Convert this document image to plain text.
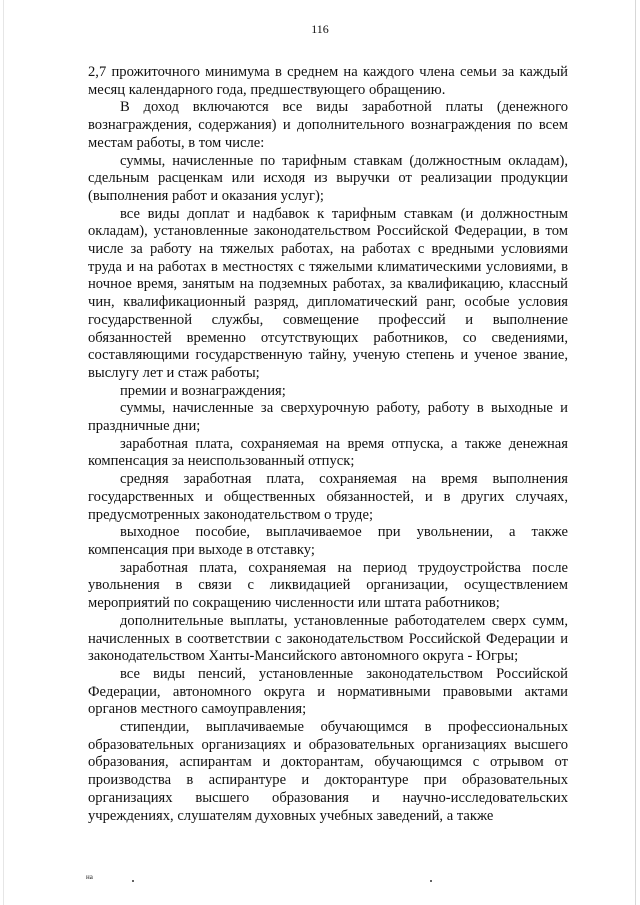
116

2,7 прожиточного минимума в среднем на каждого члена семьи за каждый месяц календарного года, предшествующего обращению.

В доход включаются все виды заработной платы (денежного вознаграждения, содержания) и дополнительного вознаграждения по всем местам работы, в том числе:

суммы, начисленные по тарифным ставкам (должностным окладам), сдельным расценкам или исходя из выручки от реализации продукции (выполнения работ и оказания услуг);

все виды доплат и надбавок к тарифным ставкам (и должностным окладам), установленные законодательством Российской Федерации, в том числе за работу на тяжелых работах, на работах с вредными условиями труда и на работах в местностях с тяжелыми климатическими условиями, в ночное время, занятым на подземных работах, за квалификацию, классный чин, квалификационный разряд, дипломатический ранг, особые условия государственной службы, совмещение профессий и выполнение обязанностей временно отсутствующих работников, со сведениями, составляющими государственную тайну, ученую степень и ученое звание, выслугу лет и стаж работы;

премии и вознаграждения;

суммы, начисленные за сверхурочную работу, работу в выходные и праздничные дни;

заработная плата, сохраняемая на время отпуска, а также денежная компенсация за неиспользованный отпуск;

средняя заработная плата, сохраняемая на время выполнения государственных и общественных обязанностей, и в других случаях, предусмотренных законодательством о труде;

выходное пособие, выплачиваемое при увольнении, а также компенсация при выходе в отставку;

заработная плата, сохраняемая на период трудоустройства после увольнения в связи с ликвидацией организации, осуществлением мероприятий по сокращению численности или штата работников;

дополнительные выплаты, установленные работодателем сверх сумм, начисленных в соответствии с законодательством Российской Федерации и законодательством Ханты-Мансийского автономного округа - Югры;

все виды пенсий, установленные законодательством Российской Федерации, автономного округа и нормативными правовыми актами органов местного самоуправления;

стипендии, выплачиваемые обучающимся в профессиональных образовательных организациях и образовательных организациях высшего образования, аспирантам и докторантам, обучающимся с отрывом от производства в аспирантуре и докторантуре при образовательных организациях высшего образования и научно-исследовательских учреждениях, слушателям духовных учебных заведений, а также

на
